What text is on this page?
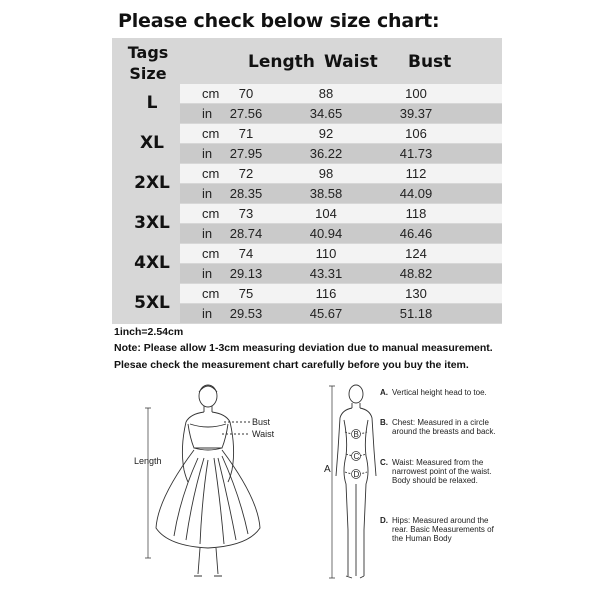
Please check below size chart:
Tags
Size
Length Waist Bust
L	cm	70	88	100
in	27.56	34.65	39.37
XL	cm	71	92	106
in	27.95	36.22	41.73
2XL	cm	72	98	112
in	28.35	38.58	44.09
3XL	cm	73	104	118
in	28.74	40.94	46.46
4XL	cm	74	110	124
in	29.13	43.31	48.82
5XL	cm	75	116	130
in	29.53	45.67	51.18
1inch=2.54cm
Note: Please allow 1-3cm measuring deviation due to manual measurement.
Plesae check the measurement chart carefully before you buy the item.
Bust
Waist
Length
A
B
C
D
A. Vertical height head to toe.
B. Chest: Measured in a circle around the breasts and back.
C. Waist: Measured from the narrowest point of the waist. Body should be relaxed.
D. Hips: Measured around the rear. Basic Measurements of the Human Body
